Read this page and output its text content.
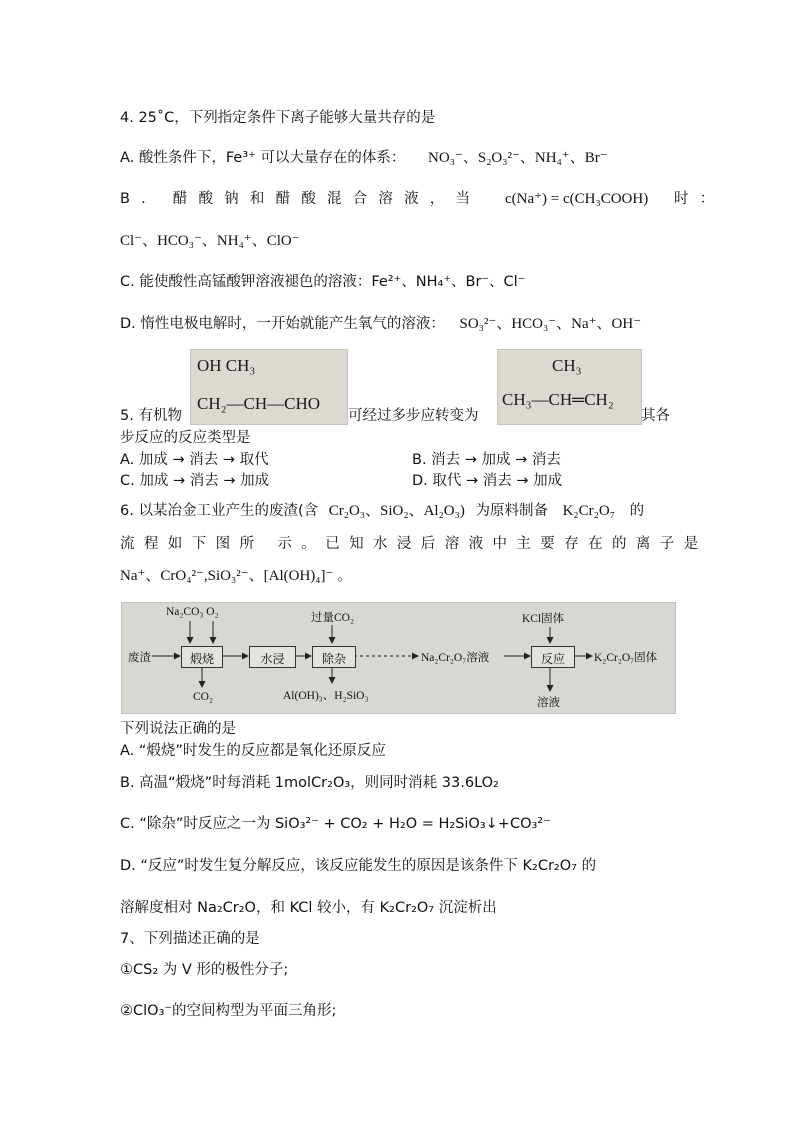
4. 25˚C，下列指定条件下离子能够大量共存的是
A. 酸性条件下，Fe³⁺ 可以大量存在的体系： NO₃⁻、S₂O₃²⁻、NH₄⁺、Br⁻
B. 醋酸钠和醋酸混合溶液，当 c(Na⁺) = c(CH₃COOH) 时：
Cl⁻、HCO₃⁻、NH₄⁺、ClO⁻
C. 能使酸性高锰酸钾溶液褪色的溶液：Fe²⁺、NH₄⁺、Br⁻、Cl⁻
D. 惰性电极电解时，一开始就能产生氧气的溶液： SO₃²⁻、HCO₃⁻、Na⁺、OH⁻
5. 有机物
OH CH₃
CH₂—CH—CHO
可经过多步应转变为
CH₃
CH₃—CH═CH₂
其各
步反应的反应类型是
A. 加成 → 消去 → 取代	B. 消去 → 加成 → 消去
C. 加成 → 消去 → 加成	D. 取代 → 消去 → 加成
6. 以某冶金工业产生的废渣(含 Cr₂O₃、SiO₂、Al₂O₃) 为原料制备 K₂Cr₂O₇ 的
流程如下图所 示。已知水浸后溶液中主要存在的离子是
Na⁺、CrO₄²⁻,SiO₃²⁻、[Al(OH)₄]⁻ 。
Na₂CO₃ O₂
废渣	煅烧
CO₂
水浸
过量CO₂
除杂
Al(OH)₃、H₂SiO₃
Na₂Cr₂O₇溶液
KCl固体
反应	K₂Cr₂O₇固体
溶液
下列说法正确的是
A. “煅烧”时发生的反应都是氧化还原反应
B. 高温“煅烧”时每消耗 1molCr₂O₃，则同时消耗 33.6LO₂
C. “除杂”时反应之一为 SiO₃²⁻ + CO₂ + H₂O = H₂SiO₃↓+CO₃²⁻
D. “反应”时发生复分解反应，该反应能发生的原因是该条件下 K₂Cr₂O₇ 的
溶解度相对 Na₂Cr₂O，和 KCl 较小，有 K₂Cr₂O₇ 沉淀析出
7、下列描述正确的是
①CS₂ 为 V 形的极性分子;
②ClO₃⁻的空间构型为平面三角形;
